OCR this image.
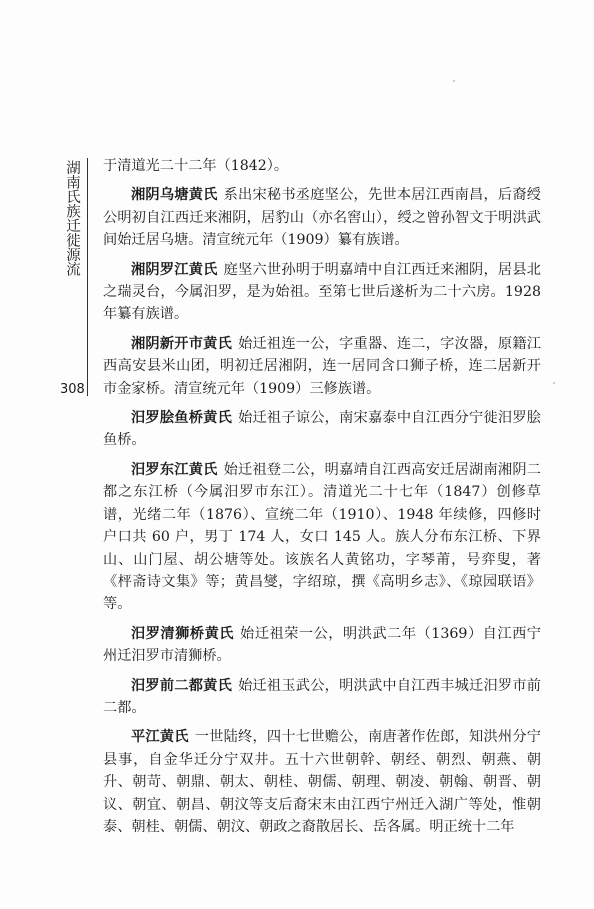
湖南氏族迁徙源流
308

于清道光二十二年（1842）。

湘阴乌塘黄氏 系出宋秘书丞庭坚公，先世本居江西南昌，后裔绶公明初自江西迁来湘阴，居豹山（亦名窖山），绶之曾孙智文于明洪武间始迁居乌塘。清宣统元年（1909）纂有族谱。

湘阴罗江黄氏 庭坚六世孙明于明嘉靖中自江西迁来湘阴，居县北之瑞灵台，今属汨罗，是为始祖。至第七世后遂析为二十六房。1928 年纂有族谱。

湘阴新开市黄氏 始迁祖连一公，字重器、连二，字汝器，原籍江西高安县米山团，明初迁居湘阴，连一居同含口狮子桥，连二居新开市金家桥。清宣统元年（1909）三修族谱。

汨罗脍鱼桥黄氏 始迁祖子谅公，南宋嘉泰中自江西分宁徙汨罗脍鱼桥。

汨罗东江黄氏 始迁祖登二公，明嘉靖自江西高安迁居湖南湘阴二都之东江桥（今属汨罗市东江）。清道光二十七年（1847）创修草谱，光绪二年（1876）、宣统二年（1910）、1948 年续修，四修时户口共 60 户，男丁 174 人，女口 145 人。族人分布东江桥、下界山、山门屋、胡公塘等处。该族名人黄铭功，字琴莆，号弈叟，著《枰斋诗文集》等；黄昌燮，字绍琼，撰《高明乡志》、《琼园联语》等。

汨罗清狮桥黄氏 始迁祖荣一公，明洪武二年（1369）自江西宁州迁汨罗市清狮桥。

汨罗前二都黄氏 始迁祖玉武公，明洪武中自江西丰城迁汨罗市前二都。

平江黄氏 一世陆终，四十七世赡公，南唐著作佐郎，知洪州分宁县事，自金华迁分宁双井。五十六世朝幹、朝经、朝烈、朝燕、朝升、朝苛、朝鼎、朝太、朝桂、朝儒、朝理、朝凌、朝翰、朝晋、朝议、朝宜、朝昌、朝汶等支后裔宋末由江西宁州迁入湖广等处，惟朝泰、朝桂、朝儒、朝汶、朝政之裔散居长、岳各属。明正统十二年
